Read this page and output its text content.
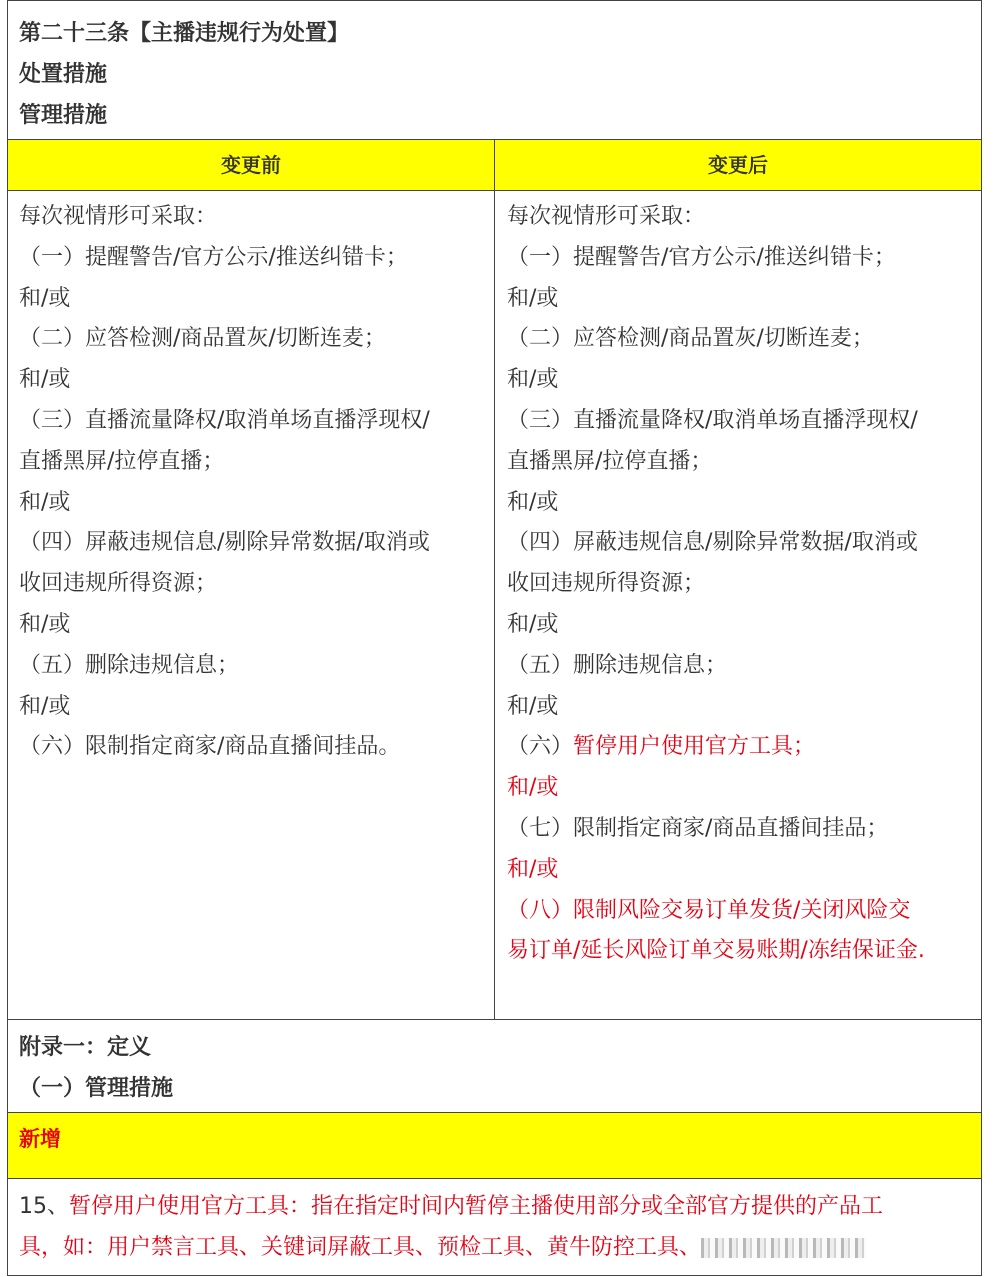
第二十三条【主播违规行为处置】
处置措施
管理措施
变更前	变更后
每次视情形可采取：
（一）提醒警告/官方公示/推送纠错卡；
和/或
（二）应答检测/商品置灰/切断连麦；
和/或
（三）直播流量降权/取消单场直播浮现权/
直播黑屏/拉停直播；
和/或
（四）屏蔽违规信息/剔除异常数据/取消或
收回违规所得资源；
和/或
（五）删除违规信息；
和/或
（六）限制指定商家/商品直播间挂品。
每次视情形可采取：
（一）提醒警告/官方公示/推送纠错卡；
和/或
（二）应答检测/商品置灰/切断连麦；
和/或
（三）直播流量降权/取消单场直播浮现权/
直播黑屏/拉停直播；
和/或
（四）屏蔽违规信息/剔除异常数据/取消或
收回违规所得资源；
和/或
（五）删除违规信息；
和/或
（六）暂停用户使用官方工具；
和/或
（七）限制指定商家/商品直播间挂品；
和/或
（八）限制风险交易订单发货/关闭风险交
易订单/延长风险订单交易账期/冻结保证金.
附录一：定义
（一）管理措施
新增
15、暂停用户使用官方工具：指在指定时间内暂停主播使用部分或全部官方提供的产品工
具，如：用户禁言工具、关键词屏蔽工具、预检工具、黄牛防控工具、
